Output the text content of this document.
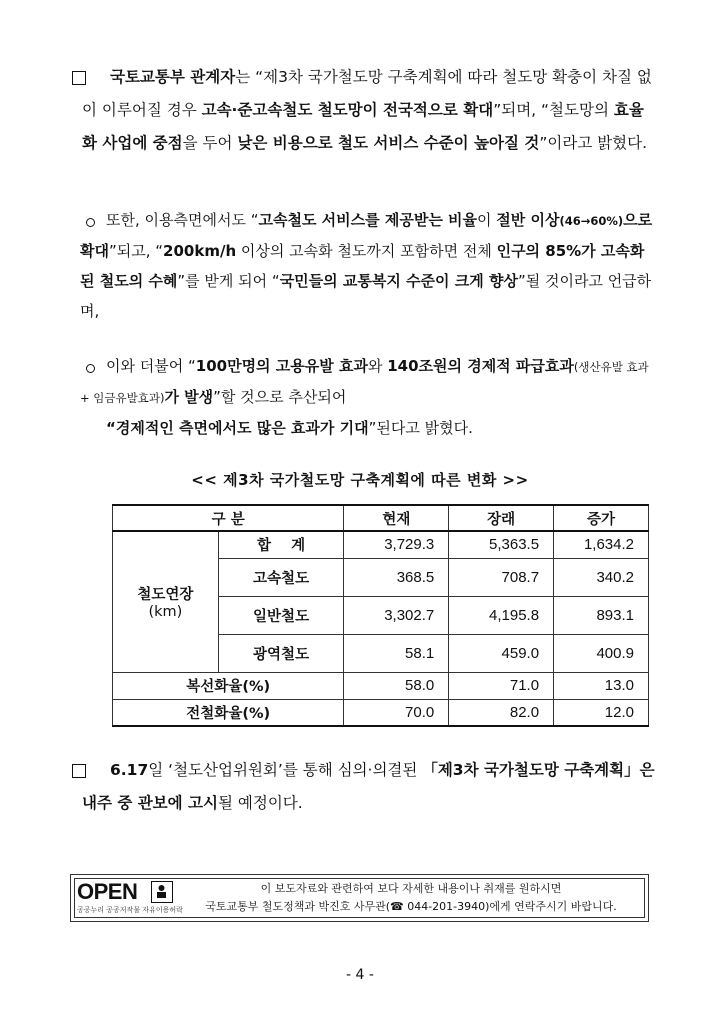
국토교통부 관계자는 “제3차 국가철도망 구축계획에 따라 철도망 확충이 차질 없이 이루어질 경우 고속·준고속철도 철도망이 전국적으로 확대”되며, “철도망의 효율화 사업에 중점을 두어 낮은 비용으로 철도 서비스 수준이 높아질 것”이라고 밝혔다.
또한, 이용측면에서도 “고속철도 서비스를 제공받는 비율이 절반 이상(46→60%)으로 확대”되고, “200km/h 이상의 고속화 철도까지 포함하면 전체 인구의 85%가 고속화된 철도의 수혜”를 받게 되어 “국민들의 교통복지 수준이 크게 향상”될 것이라고 언급하며,
이와 더불어 “100만명의 고용유발 효과와 140조원의 경제적 파급효과(생산유발 효과 + 임금유발효과)가 발생”할 것으로 추산되어
“경제적인 측면에서도 많은 효과가 기대”된다고 밝혔다.
<< 제3차 국가철도망 구축계획에 따른 변화 >>
구 분		현재	장래	증가

철도연장
(km)	합    계	3,729.3	5,363.5	1,634.2
	고속철도	368.5	708.7	340.2
	일반철도	3,302.7	4,195.8	893.1
	광역철도	58.1	459.0	400.9
복선화율(%)		58.0	71.0	13.0
전철화율(%)		70.0	82.0	12.0
6.17일 ‘철도산업위원회’를 통해 심의·의결된 「제3차 국가철도망 구축계획」은 내주 중 관보에 고시될 예정이다.
OPEN
공공누리 공공저작물 자유이용허락
이 보도자료와 관련하여 보다 자세한 내용이나 취재를 원하시면
국토교통부 철도정책과 박진호 사무관(☎ 044-201-3940)에게 연락주시기 바랍니다.
- 4 -
